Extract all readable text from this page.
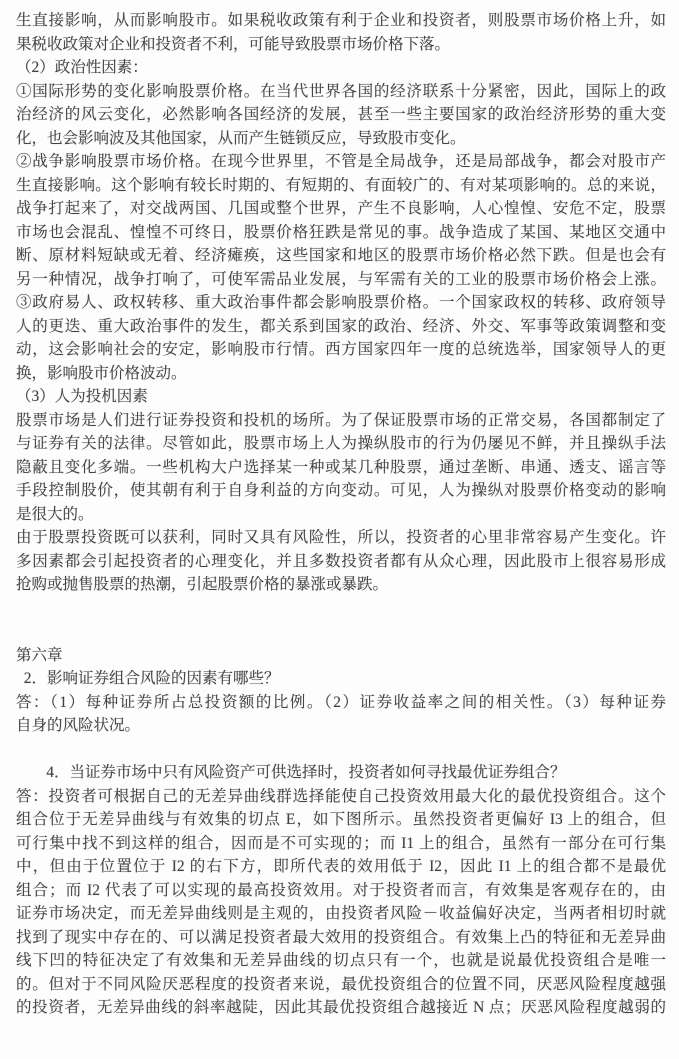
生直接影响，从而影响股市。如果税收政策有利于企业和投资者，则股票市场价格上升，如
果税收政策对企业和投资者不利，可能导致股票市场价格下落。
（2）政治性因素：
①国际形势的变化影响股票价格。在当代世界各国的经济联系十分紧密，因此，国际上的政
治经济的风云变化，必然影响各国经济的发展，甚至一些主要国家的政治经济形势的重大变
化，也会影响波及其他国家，从而产生链锁反应，导致股市变化。
②战争影响股票市场价格。在现今世界里，不管是全局战争，还是局部战争，都会对股市产
生直接影响。这个影响有较长时期的、有短期的、有面较广的、有对某项影响的。总的来说，
战争打起来了，对交战两国、几国或整个世界，产生不良影响，人心惶惶、安危不定，股票
市场也会混乱、惶惶不可终日，股票价格狂跌是常见的事。战争造成了某国、某地区交通中
断、原材料短缺或无着、经济瘫痪，这些国家和地区的股票市场价格必然下跌。但是也会有
另一种情况，战争打响了，可使军需品业发展，与军需有关的工业的股票市场价格会上涨。
③政府易人、政权转移、重大政治事件都会影响股票价格。一个国家政权的转移、政府领导
人的更迭、重大政治事件的发生，都关系到国家的政治、经济、外交、军事等政策调整和变
动，这会影响社会的安定，影响股市行情。西方国家四年一度的总统选举，国家领导人的更
换，影响股市价格波动。
（3）人为投机因素
股票市场是人们进行证券投资和投机的场所。为了保证股票市场的正常交易，各国都制定了
与证券有关的法律。尽管如此，股票市场上人为操纵股市的行为仍屡见不鲜，并且操纵手法
隐蔽且变化多端。一些机构大户选择某一种或某几种股票，通过垄断、串通、透支、谣言等
手段控制股价，使其朝有利于自身利益的方向变动。可见，人为操纵对股票价格变动的影响
是很大的。
由于股票投资既可以获利，同时又具有风险性，所以，投资者的心里非常容易产生变化。许
多因素都会引起投资者的心理变化，并且多数投资者都有从众心理，因此股市上很容易形成
抢购或抛售股票的热潮，引起股票价格的暴涨或暴跌。
第六章
2．影响证券组合风险的因素有哪些？
答：（1）每种证券所占总投资额的比例。（2）证券收益率之间的相关性。（3）每种证券
自身的风险状况。
4．当证券市场中只有风险资产可供选择时，投资者如何寻找最优证券组合？
答：投资者可根据自己的无差异曲线群选择能使自己投资效用最大化的最优投资组合。这个
组合位于无差异曲线与有效集的切点 E，如下图所示。虽然投资者更偏好 I3 上的组合，但
可行集中找不到这样的组合，因而是不可实现的；而 I1 上的组合，虽然有一部分在可行集
中，但由于位置位于 I2 的右下方，即所代表的效用低于 I2，因此 I1 上的组合都不是最优
组合；而 I2 代表了可以实现的最高投资效用。对于投资者而言，有效集是客观存在的，由
证券市场决定，而无差异曲线则是主观的，由投资者风险－收益偏好决定，当两者相切时就
找到了现实中存在的、可以满足投资者最大效用的投资组合。有效集上凸的特征和无差异曲
线下凹的特征决定了有效集和无差异曲线的切点只有一个，也就是说最优投资组合是唯一
的。但对于不同风险厌恶程度的投资者来说，最优投资组合的位置不同，厌恶风险程度越强
的投资者，无差异曲线的斜率越陡，因此其最优投资组合越接近 N 点；厌恶风险程度越弱的
